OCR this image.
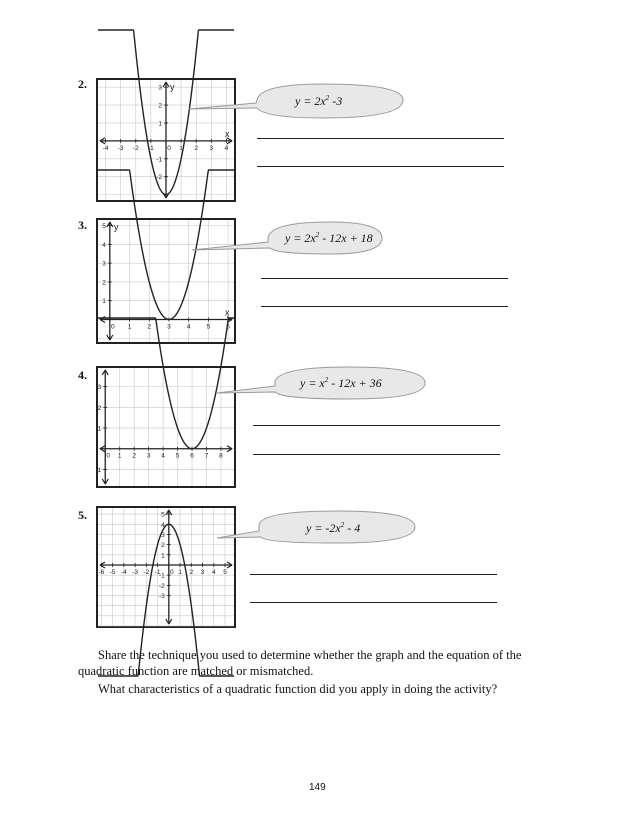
2.
-4 -3 -2 -1 0 1 2 3 4
-2
-1
1
2
3
x
y
$y = 2x^2$ -3
3.
0 1 2 3 4 5 6
1
2
3
4
5
x
y
$y = 2x^2 - 12x + 18$
4.
0 1 2 3 4 5 6 7 8
-1
1
2
3	$y = x^2 - 12x + 36$
5.
-6 -5 -4 -3 -2 -1 0 1 2 3 4 5
-3
-2
-1
1
2
3
4
5
$y = -2x^2 - 4$
Share the technique you used to determine whether the graph and the equation of the quadratic function are matched or mismatched.
What characteristics of a quadratic function did you apply in doing the activity?
149
